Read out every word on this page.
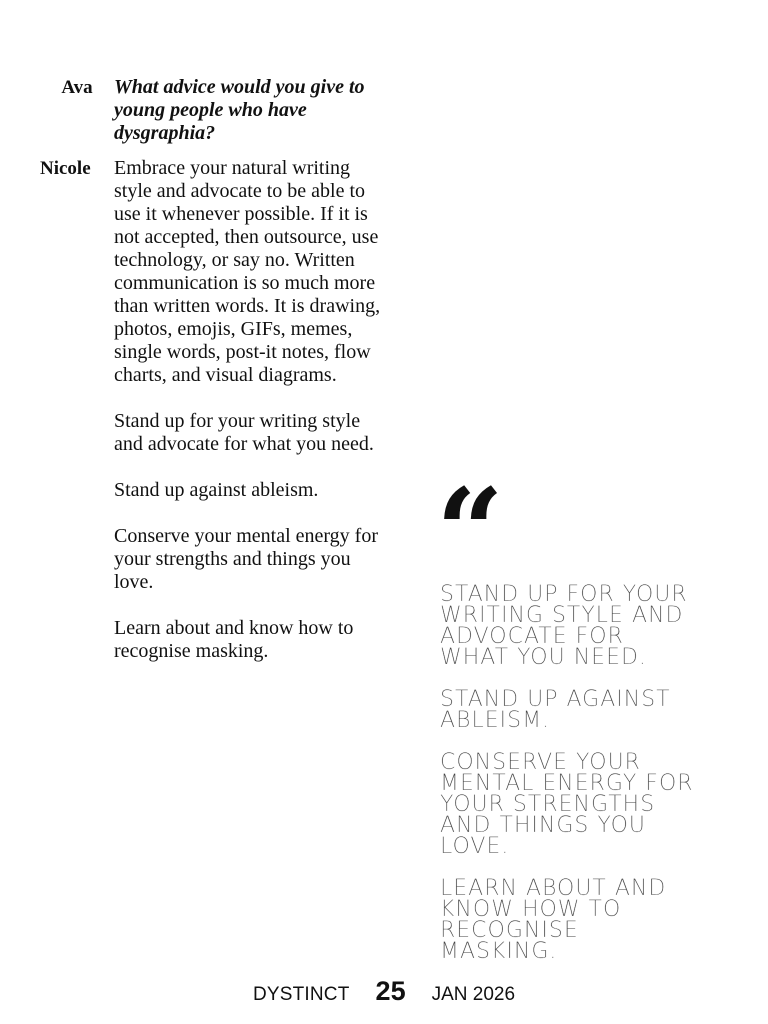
Ava	What advice would you give to young people who have dysgraphia?
Nicole	Embrace your natural writing style and advocate to be able to use it whenever possible. If it is not accepted, then outsource, use technology, or say no. Written communication is so much more than written words. It is drawing, photos, emojis, GIFs, memes, single words, post-it notes, flow charts, and visual diagrams.

Stand up for your writing style and advocate for what you need.

Stand up against ableism.

Conserve your mental energy for your strengths and things you love.

Learn about and know how to recognise masking.

“
STAND UP FOR YOUR WRITING STYLE AND ADVOCATE FOR WHAT YOU NEED.
STAND UP AGAINST ABLEISM.
CONSERVE YOUR MENTAL ENERGY FOR YOUR STRENGTHS AND THINGS YOU LOVE.
LEARN ABOUT AND KNOW HOW TO RECOGNISE MASKING.
DYSTINCT 25 JAN 2026
